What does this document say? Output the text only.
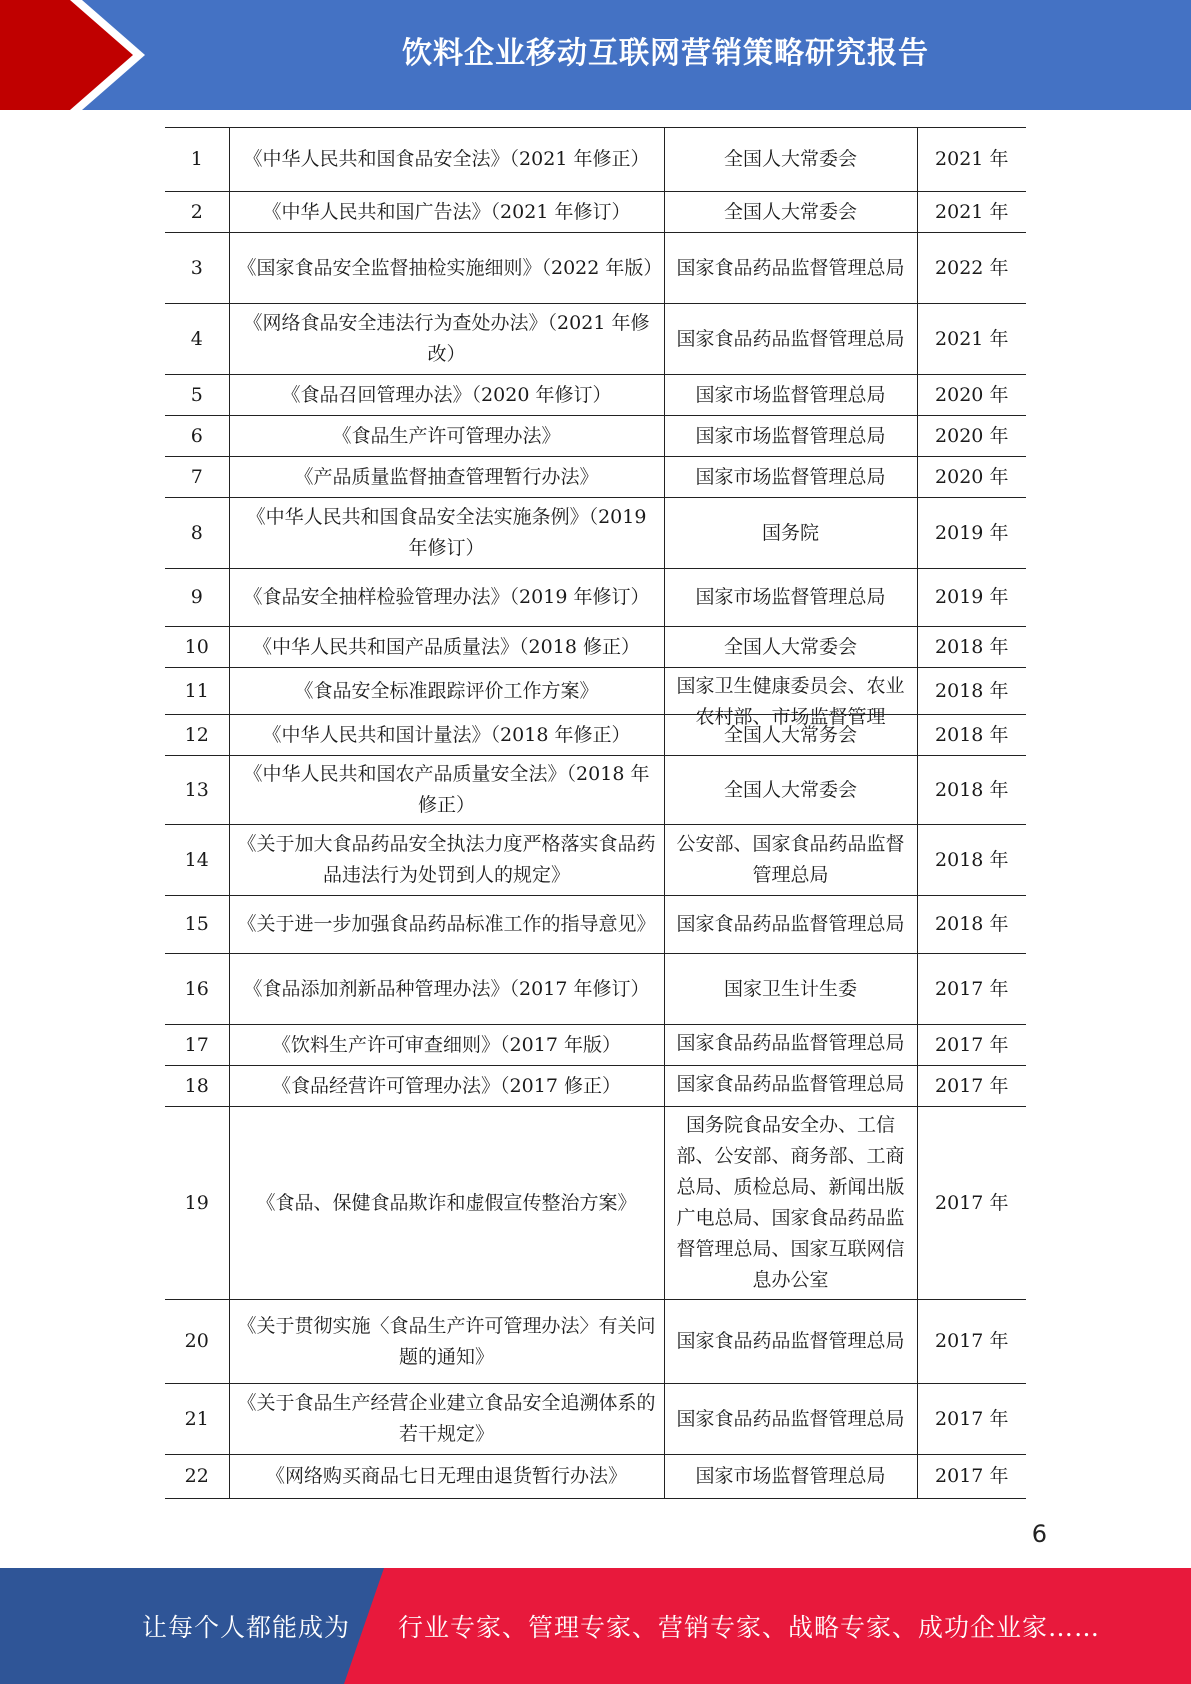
饮料企业移动互联网营销策略研究报告
1	《中华人民共和国食品安全法》（2021 年修正）	全国人大常委会	2021 年

2	《中华人民共和国广告法》（2021 年修订）	全国人大常委会	2021 年

3	《国家食品安全监督抽检实施细则》（2022 年版）	国家食品药品监督管理总局	2022 年

4	《网络食品安全违法行为查处办法》（2021 年修改）	国家食品药品监督管理总局	2021 年

5	《食品召回管理办法》（2020 年修订）	国家市场监督管理总局	2020 年

6	《食品生产许可管理办法》	国家市场监督管理总局	2020 年

7	《产品质量监督抽查管理暂行办法》	国家市场监督管理总局	2020 年

8	《中华人民共和国食品安全法实施条例》（2019 年修订）	国务院	2019 年

9	《食品安全抽样检验管理办法》（2019 年修订）	国家市场监督管理总局	2019 年

10	《中华人民共和国产品质量法》（2018 修正）	全国人大常委会	2018 年

11	《食品安全标准跟踪评价工作方案》	国家卫生健康委员会、农业农村部、市场监督管理	2018 年

12	《中华人民共和国计量法》（2018 年修正）	全国人大常务会	2018 年

13	《中华人民共和国农产品质量安全法》（2018 年修正）	全国人大常委会	2018 年

14	《关于加大食品药品安全执法力度严格落实食品药品违法行为处罚到人的规定》	公安部、国家食品药品监督管理总局	2018 年

15	《关于进一步加强食品药品标准工作的指导意见》	国家食品药品监督管理总局	2018 年

16	《食品添加剂新品种管理办法》（2017 年修订）	国家卫生计生委	2017 年

17	《饮料生产许可审查细则》（2017 年版）	国家食品药品监督管理总局	2017 年

18	《食品经营许可管理办法》（2017 修正）	国家食品药品监督管理总局	2017 年

19	《食品、保健食品欺诈和虚假宣传整治方案》	国务院食品安全办、工信部、公安部、商务部、工商总局、质检总局、新闻出版广电总局、国家食品药品监督管理总局、国家互联网信息办公室	2017 年

20	《关于贯彻实施〈食品生产许可管理办法〉有关问题的通知》	国家食品药品监督管理总局	2017 年

21	《关于食品生产经营企业建立食品安全追溯体系的若干规定》	国家食品药品监督管理总局	2017 年

22	《网络购买商品七日无理由退货暂行办法》	国家市场监督管理总局	2017 年
6
让每个人都能成为 行业专家、管理专家、营销专家、战略专家、成功企业家……
